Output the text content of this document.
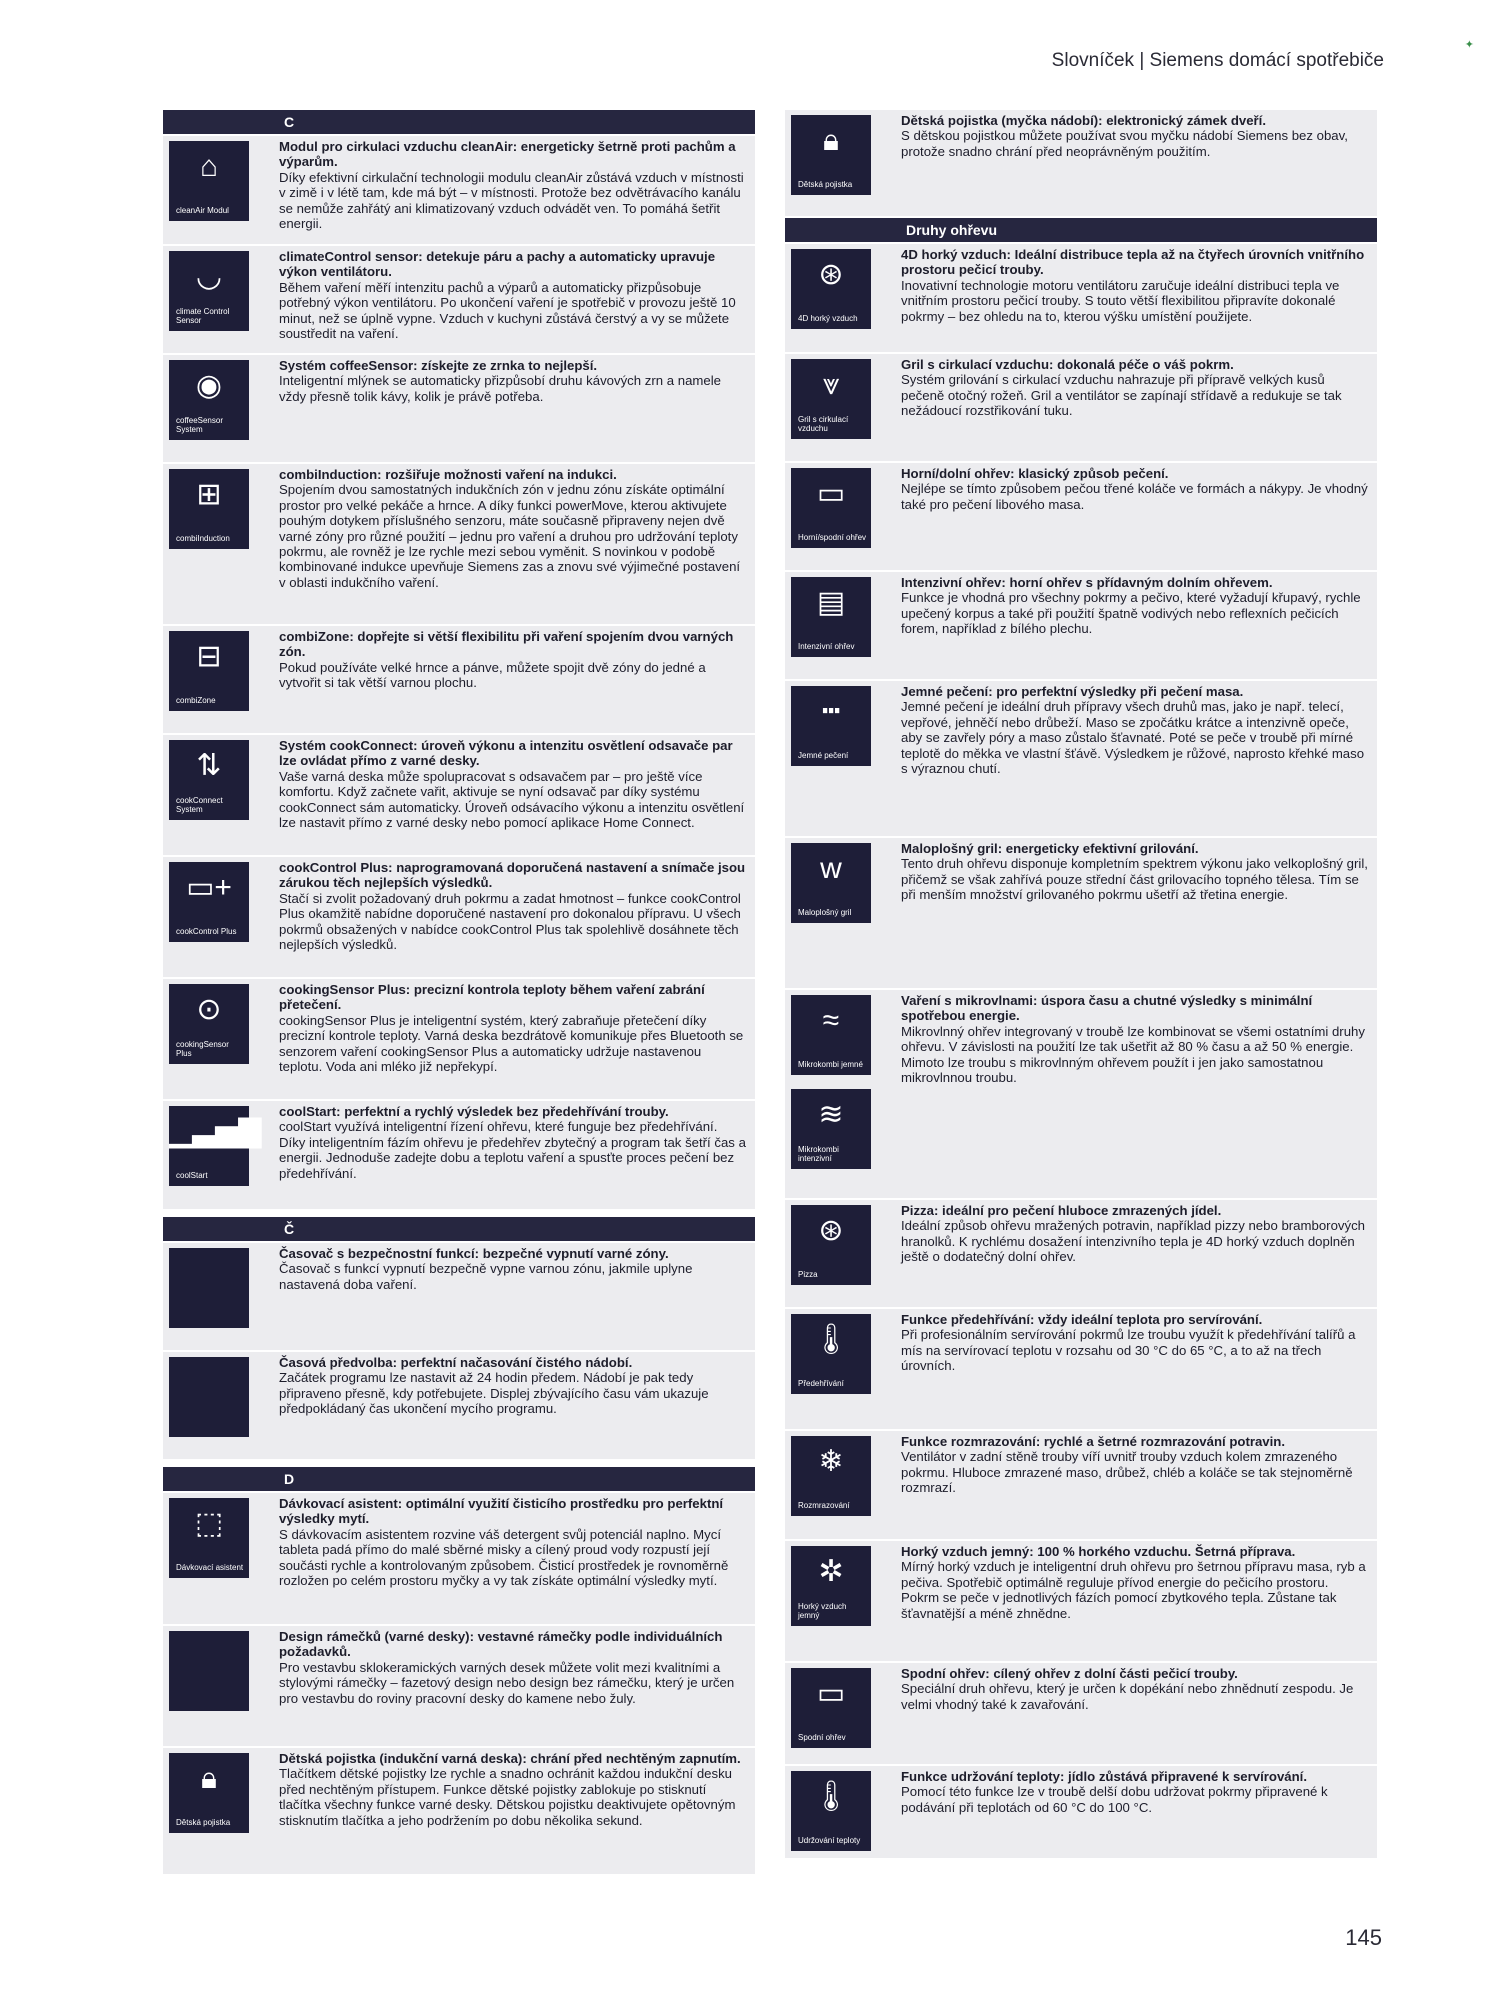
Slovníček | Siemens domácí spotřebiče
✦
C
⌂
cleanAir Modul

Modul pro cirkulaci vzduchu cleanAir: energeticky šetrně proti pachům a výparům.

Díky efektivní cirkulační technologii modulu cleanAir zůstává vzduch v místnosti v zimě i v létě tam, kde má být – v místnosti. Protože bez odvětrávacího kanálu se nemůže zahřátý ani klimatizovaný vzduch odvádět ven. To pomáhá šetřit energii.

◡
climate Control Sensor

climateControl sensor: detekuje páru a pachy a automaticky upravuje výkon ventilátoru.

Během vaření měří intenzitu pachů a výparů a automaticky přizpůsobuje potřebný výkon ventilátoru. Po ukončení vaření je spotřebič v provozu ještě 10 minut, než se úplně vypne. Vzduch v kuchyni zůstává čerstvý a vy se můžete soustředit na vaření.

◉
coffeeSensor System

Systém coffeeSensor: získejte ze zrnka to nejlepší.

Inteligentní mlýnek se automaticky přizpůsobí druhu kávových zrn a namele vždy přesně tolik kávy, kolik je právě potřeba.

⊞
combiInduction

combiInduction: rozšiřuje možnosti vaření na indukci.

Spojením dvou samostatných indukčních zón v jednu zónu získáte optimální prostor pro velké pekáče a hrnce. A díky funkci powerMove, kterou aktivujete pouhým dotykem příslušného senzoru, máte současně připraveny nejen dvě varné zóny pro různé použití – jednu pro vaření a druhou pro udržování teploty pokrmu, ale rovněž je lze rychle mezi sebou vyměnit. S novinkou v podobě kombinované indukce upevňuje Siemens zas a znovu své výjimečné postavení v oblasti indukčního vaření.

⊟
combiZone

combiZone: dopřejte si větší flexibilitu při vaření spojením dvou varných zón.

Pokud používáte velké hrnce a pánve, můžete spojit dvě zóny do jedné a vytvořit si tak větší varnou plochu.

⇅
cookConnect System

Systém cookConnect: úroveň výkonu a intenzitu osvětlení odsavače par lze ovládat přímo z varné desky.

Vaše varná deska může spolupracovat s odsavačem par – pro ještě více komfortu. Když začnete vařit, aktivuje se nyní odsavač par díky systému cookConnect sám automaticky. Úroveň odsávacího výkonu a intenzitu osvětlení lze nastavit přímo z varné desky nebo pomocí aplikace Home Connect.

▭+
cookControl Plus

cookControl Plus: naprogramovaná doporučená nastavení a snímače jsou zárukou těch nejlepších výsledků.

Stačí si zvolit požadovaný druh pokrmu a zadat hmotnost – funkce cookControl Plus okamžitě nabídne doporučené nastavení pro dokonalou přípravu. U všech pokrmů obsažených v nabídce cookControl Plus tak spolehlivě dosáhnete těch nejlepších výsledků.

⊙
cookingSensor Plus

cookingSensor Plus: precizní kontrola teploty během vaření zabrání přetečení.

cookingSensor Plus je inteligentní systém, který zabraňuje přetečení díky precizní kontrole teploty. Varná deska bezdrátově komunikuje přes Bluetooth se senzorem vaření cookingSensor Plus a automaticky udržuje nastavenou teplotu. Voda ani mléko již nepřekypí.

▁▃▅▇
coolStart

coolStart: perfektní a rychlý výsledek bez předehřívání trouby.

coolStart využívá inteligentní řízení ohřevu, které funguje bez předehřívání. Díky inteligentním fázím ohřevu je předehřev zbytečný a program tak šetří čas a energii. Jednoduše zadejte dobu a teplotu vaření a spusťte proces pečení bez předehřívání.

Č

Časovač s bezpečnostní funkcí: bezpečné vypnutí varné zóny.

Časovač s funkcí vypnutí bezpečně vypne varnou zónu, jakmile uplyne nastavená doba vaření.

Časová předvolba: perfektní načasování čistého nádobí.

Začátek programu lze nastavit až 24 hodin předem. Nádobí je pak tedy připraveno přesně, kdy potřebujete. Displej zbývajícího času vám ukazuje předpokládaný čas ukončení mycího programu.

D
⬚
Dávkovací asistent

Dávkovací asistent: optimální využití čisticího prostředku pro perfektní výsledky mytí.

S dávkovacím asistentem rozvine váš detergent svůj potenciál naplno. Mycí tableta padá přímo do malé sběrné misky a cílený proud vody rozpustí její součásti rychle a kontrolovaným způsobem. Čisticí prostředek je rovnoměrně rozložen po celém prostoru myčky a vy tak získáte optimální výsledky mytí.

Design rámečků (varné desky): vestavné rámečky podle individuálních požadavků.

Pro vestavbu sklokeramických varných desek můžete volit mezi kvalitními a stylovými rámečky – fazetový design nebo design bez rámečku, který je určen pro vestavbu do roviny pracovní desky do kamene nebo žuly.

🔒︎
Dětská pojistka

Dětská pojistka (indukční varná deska): chrání před nechtěným zapnutím.

Tlačítkem dětské pojistky lze rychle a snadno ochránit každou indukční desku před nechtěným přístupem. Funkce dětské pojistky zablokuje po stisknutí tlačítka všechny funkce varné desky. Dětskou pojistku deaktivujete opětovným stisknutím tlačítka a jeho podržením po dobu několika sekund.

🔒︎
Dětská pojistka

Dětská pojistka (myčka nádobí): elektronický zámek dveří.

S dětskou pojistkou můžete používat svou myčku nádobí Siemens bez obav, protože snadno chrání před neoprávněným použitím.

Druhy ohřevu
⊛
4D horký vzduch

4D horký vzduch: Ideální distribuce tepla až na čtyřech úrovních vnitřního prostoru pečicí trouby.

Inovativní technologie motoru ventilátoru zaručuje ideální distribuci tepla ve vnitřním prostoru pečicí trouby. S touto větší flexibilitou připravíte dokonalé pokrmy – bez ohledu na to, kterou výšku umístění použijete.

⩔
Gril s cirkulací vzduchu

Gril s cirkulací vzduchu: dokonalá péče o váš pokrm.

Systém grilování s cirkulací vzduchu nahrazuje při přípravě velkých kusů pečeně otočný rožeň. Gril a ventilátor se zapínají střídavě a redukuje se tak nežádoucí rozstřikování tuku.

▭
Horní/spodní ohřev

Horní/dolní ohřev: klasický způsob pečení.

Nejlépe se tímto způsobem pečou třené koláče ve formách a nákypy. Je vhodný také pro pečení libového masa.

▤
Intenzivní ohřev

Intenzivní ohřev: horní ohřev s přídavným dolním ohřevem.

Funkce je vhodná pro všechny pokrmy a pečivo, které vyžadují křupavý, rychle upečený korpus a také při použití špatně vodivých nebo reflexních pečicích forem, například z bílého plechu.

┅
Jemné pečení

Jemné pečení: pro perfektní výsledky při pečení masa.

Jemné pečení je ideální druh přípravy všech druhů mas, jako je např. telecí, vepřové, jehněčí nebo drůbeží. Maso se zpočátku krátce a intenzivně opeče, aby se zavřely póry a maso zůstalo šťavnaté. Poté se peče v troubě při mírné teplotě do měkka ve vlastní šťávě. Výsledkem je růžové, naprosto křehké maso s výraznou chutí.

w
Maloplošný gril

Maloplošný gril: energeticky efektivní grilování.

Tento druh ohřevu disponuje kompletním spektrem výkonu jako velkoplošný gril, přičemž se však zahřívá pouze střední část grilovacího topného tělesa. Tím se při menším množství grilovaného pokrmu ušetří až třetina energie.

≈
Mikrokombi jemné
≋
Mikrokombi intenzivní

Vaření s mikrovlnami: úspora času a chutné výsledky s minimální spotřebou energie.

Mikrovlnný ohřev integrovaný v troubě lze kombinovat se všemi ostatními druhy ohřevu. V závislosti na použití lze tak ušetřit až 80 % času a až 50 % energie. Mimoto lze troubu s mikrovlnným ohřevem použít i jen jako samostatnou mikrovlnnou troubu.

⊛
Pizza

Pizza: ideální pro pečení hluboce zmrazených jídel.

Ideální způsob ohřevu mražených potravin, například pizzy nebo bramborových hranolků. K rychlému dosažení intenzivního tepla je 4D horký vzduch doplněn ještě o dodatečný dolní ohřev.

🌡︎
Předehřívání

Funkce předehřívání: vždy ideální teplota pro servírování.

Při profesionálním servírování pokrmů lze troubu využít k předehřívání talířů a mís na servírovací teplotu v rozsahu od 30 °C do 65 °C, a to až na třech úrovních.

❄
Rozmrazování

Funkce rozmrazování: rychlé a šetrné rozmrazování potravin.

Ventilátor v zadní stěně trouby víří uvnitř trouby vzduch kolem zmrazeného pokrmu. Hluboce zmrazené maso, drůbež, chléb a koláče se tak stejnoměrně rozmrazí.

✲
Horký vzduch jemný

Horký vzduch jemný: 100 % horkého vzduchu. Šetrná příprava.

Mírný horký vzduch je inteligentní druh ohřevu pro šetrnou přípravu masa, ryb a pečiva. Spotřebič optimálně reguluje přívod energie do pečicího prostoru. Pokrm se peče v jednotlivých fázích pomocí zbytkového tepla. Zůstane tak šťavnatější a méně zhnědne.

▭
Spodní ohřev

Spodní ohřev: cílený ohřev z dolní části pečicí trouby.

Speciální druh ohřevu, který je určen k dopékání nebo zhnědnutí zespodu. Je velmi vhodný také k zavařování.

🌡︎
Udržování teploty

Funkce udržování teploty: jídlo zůstává připravené k servírování.

Pomocí této funkce lze v troubě delší dobu udržovat pokrmy připravené k podávání při teplotách od 60 °C do 100 °C.

145
